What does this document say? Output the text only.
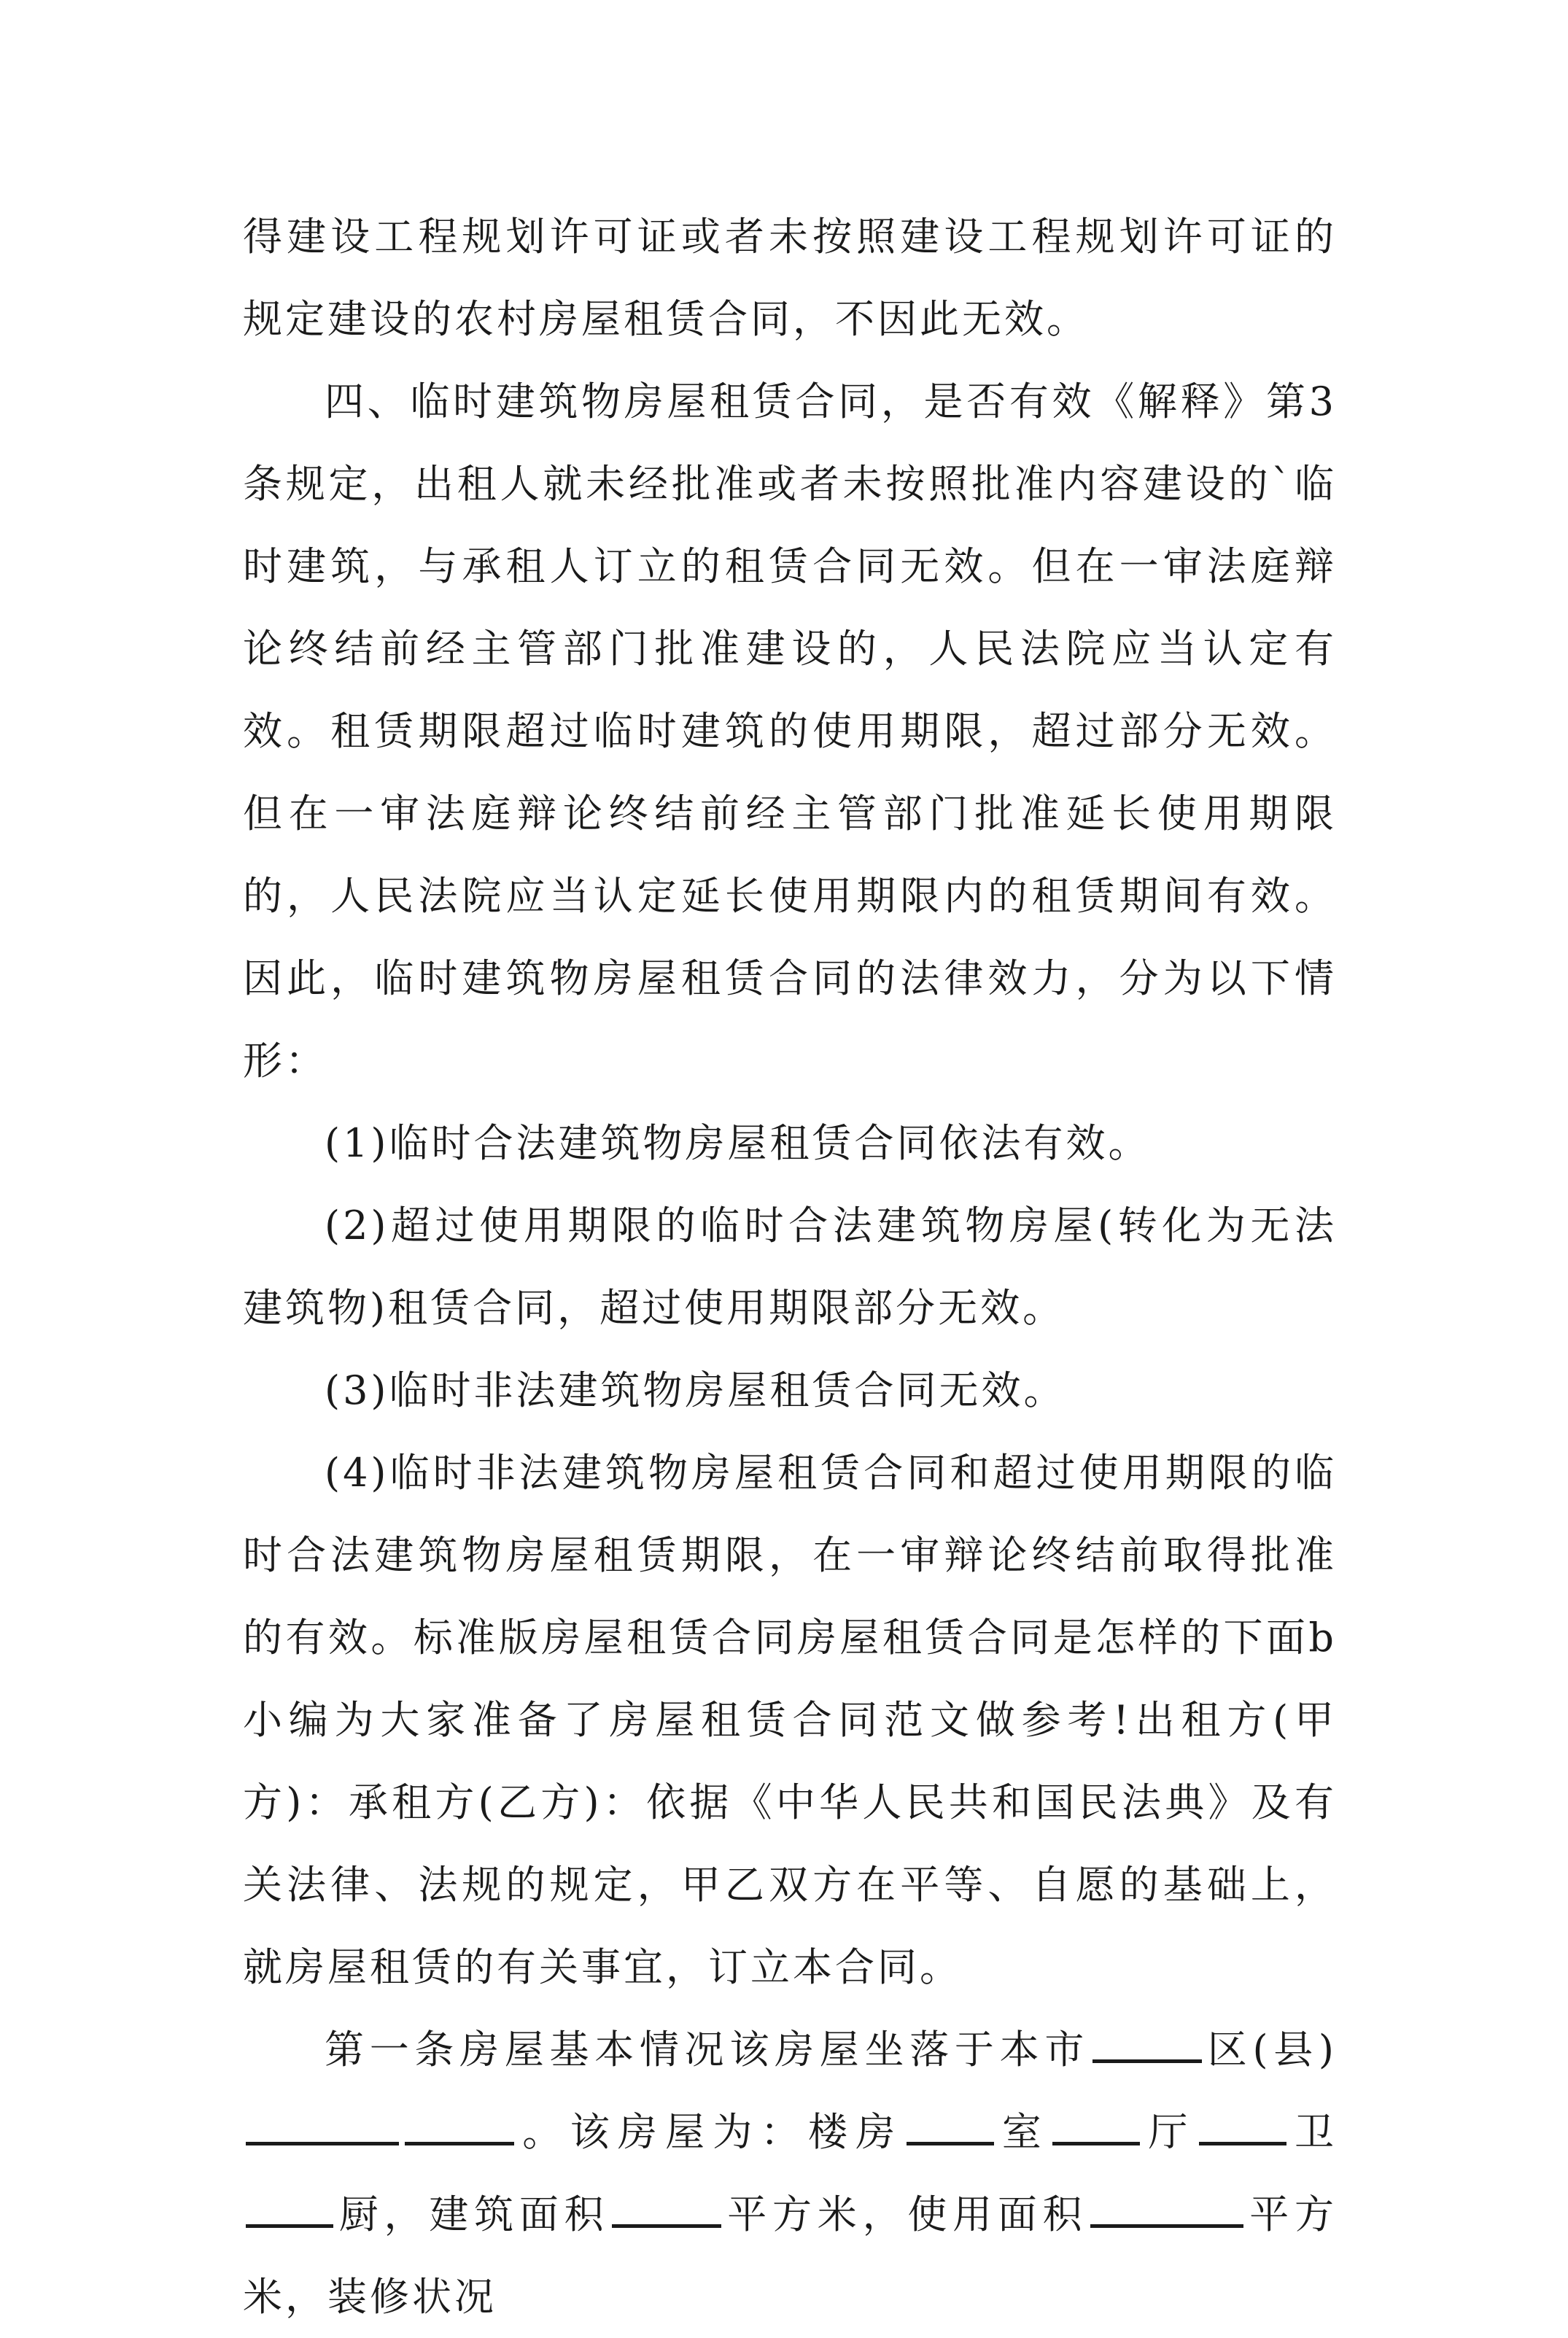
得建设工程规划许可证或者未按照建设工程规划许可证的规定建设的农村房屋租赁合同，不因此无效。

四、临时建筑物房屋租赁合同，是否有效《解释》第3条规定，出租人就未经批准或者未按照批准内容建设的`临时建筑，与承租人订立的租赁合同无效。但在一审法庭辩论终结前经主管部门批准建设的，人民法院应当认定有效。租赁期限超过临时建筑的使用期限，超过部分无效。但在一审法庭辩论终结前经主管部门批准延长使用期限的，人民法院应当认定延长使用期限内的租赁期间有效。因此，临时建筑物房屋租赁合同的法律效力，分为以下情形：

(1)临时合法建筑物房屋租赁合同依法有效。

(2)超过使用期限的临时合法建筑物房屋(转化为无法建筑物)租赁合同，超过使用期限部分无效。

(3)临时非法建筑物房屋租赁合同无效。

(4)临时非法建筑物房屋租赁合同和超过使用期限的临时合法建筑物房屋租赁期限，在一审辩论终结前取得批准的有效。标准版房屋租赁合同房屋租赁合同是怎样的下面b小编为大家准备了房屋租赁合同范文做参考!出租方(甲方)：承租方(乙方)：依据《中华人民共和国民法典》及有关法律、法规的规定，甲乙双方在平等、自愿的基础上，就房屋租赁的有关事宜，订立本合同。

第一条房屋基本情况该房屋坐落于本市	区(县)。该房屋为：楼房 室 厅 卫厨，建筑面积	平方米，使用面积	平方米，装修状况
